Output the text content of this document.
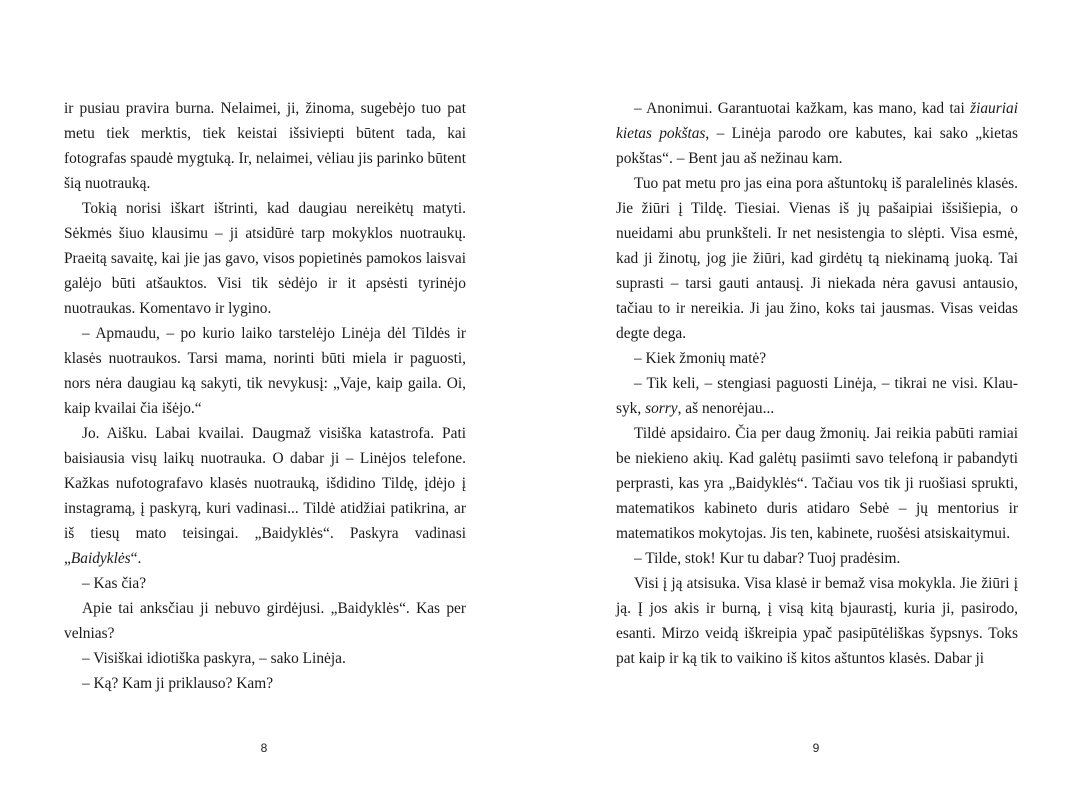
ir pusiau pravira burna. Nelaimei, ji, žinoma, sugebėjo tuo pat metu tiek merktis, tiek keistai išsiviepti būtent tada, kai fotografas spaudė mygtuką. Ir, nelaimei, vėliau jis parinko būtent šią nuotrauką.

Tokią norisi iškart ištrinti, kad daugiau nereikėtų matyti. Sėkmės šiuo klausimu – ji atsidūrė tarp mokyklos nuotraukų. Praeitą savaitę, kai jie jas gavo, visos popietinės pamokos laisvai galėjo būti atšauktos. Visi tik sėdėjo ir it apsėsti tyrinėjo nuotraukas. Komentavo ir lygino.

– Apmaudu, – po kurio laiko tarstelėjo Linėja dėl Tildės ir klasės nuotraukos. Tarsi mama, norinti būti miela ir paguosti, nors nėra daugiau ką sakyti, tik nevykusį: „Vaje, kaip gaila. Oi, kaip kvailai čia išėjo.“

Jo. Aišku. Labai kvailai. Daugmaž visiška katastrofa. Pati baisiausia visų laikų nuotrauka. O dabar ji – Linėjos telefone. Kažkas nufotografavo klasės nuotrauką, išdidino Tildę, įdėjo į instagramą, į paskyrą, kuri vadinasi... Tildė atidžiai patikrina, ar iš tiesų mato teisingai. „Baidyklės“. Paskyra vadinasi „Baidyklės“.

– Kas čia?

Apie tai anksčiau ji nebuvo girdėjusi. „Baidyklės“. Kas per velnias?

– Visiškai idiotiška paskyra, – sako Linėja.

– Ką? Kam ji priklauso? Kam?

8

– Anonimui. Garantuotai kažkam, kas mano, kad tai žiauriai kietas pokštas, – Linėja parodo ore kabutes, kai sako „kietas pokštas“. – Bent jau aš nežinau kam.

Tuo pat metu pro jas eina pora aštuntokų iš paralelinės klasės. Jie žiūri į Tildę. Tiesiai. Vienas iš jų pašaipiai išsišiepia, o nueidami abu prunkšteli. Ir net nesistengia to slėpti. Visa esmė, kad ji žinotų, jog jie žiūri, kad girdėtų tą niekinamą juoką. Tai suprasti – tarsi gauti antausį. Ji niekada nėra gavusi antausio, tačiau to ir nereikia. Ji jau žino, koks tai jausmas. Visas veidas degte dega.

– Kiek žmonių matė?

– Tik keli, – stengiasi paguosti Linėja, – tikrai ne visi. Klausyk, sorry, aš nenorėjau...

Tildė apsidairo. Čia per daug žmonių. Jai reikia pabūti ramiai be niekieno akių. Kad galėtų pasiimti savo telefoną ir pabandyti perprasti, kas yra „Baidyklės“. Tačiau vos tik ji ruošiasi sprukti, matematikos kabineto duris atidaro Sebė – jų mentorius ir matematikos mokytojas. Jis ten, kabinete, ruošėsi atsiskaitymui.

– Tilde, stok! Kur tu dabar? Tuoj pradėsim.

Visi į ją atsisuka. Visa klasė ir bemaž visa mokykla. Jie žiūri į ją. Į jos akis ir burną, į visą kitą bjaurastį, kuria ji, pasirodo, esanti. Mirzo veidą iškreipia ypač pasipūtėliškas šypsnys. Toks pat kaip ir ką tik to vaikino iš kitos aštuntos klasės. Dabar ji

9
